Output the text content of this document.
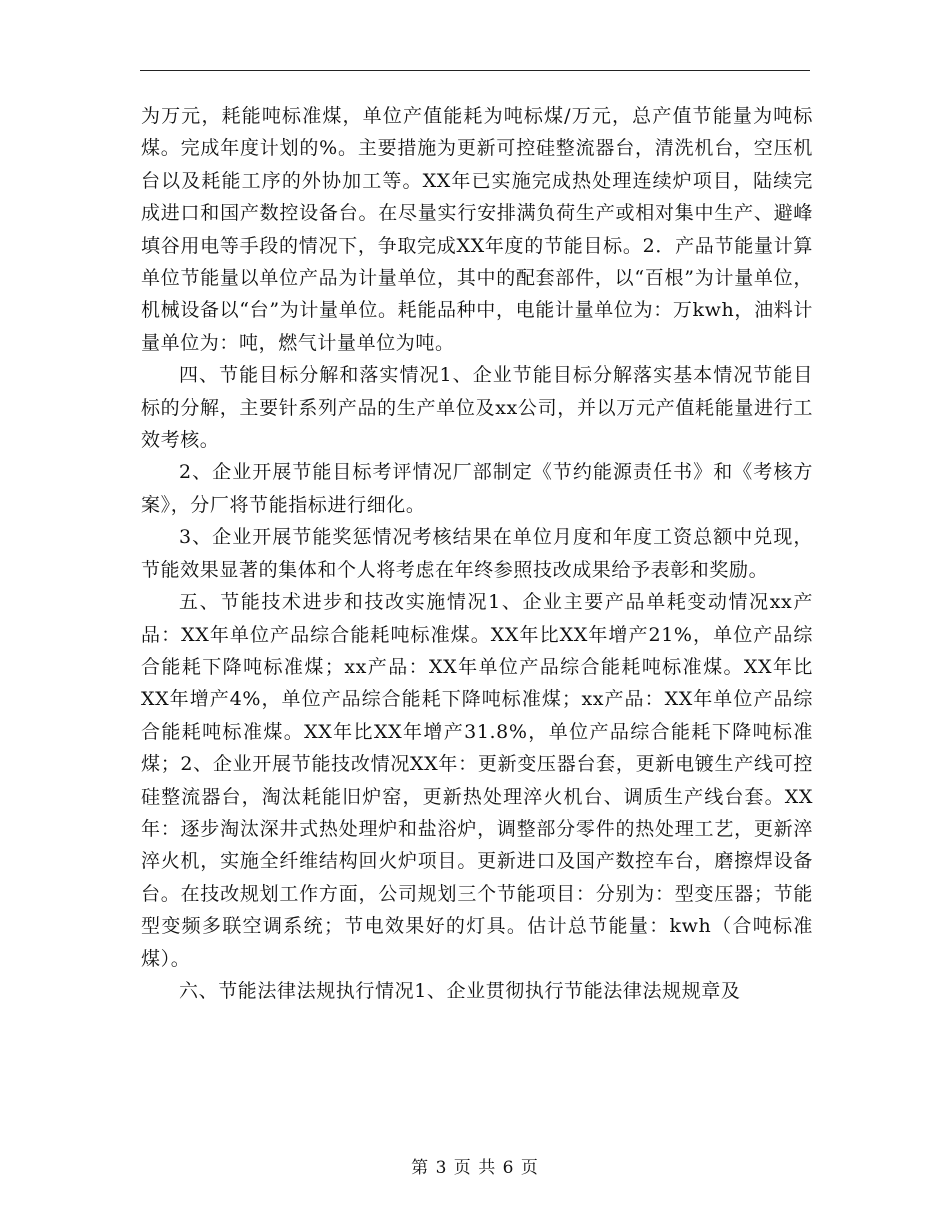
为万元，耗能吨标准煤，单位产值能耗为吨标煤/万元，总产值节能量为吨标煤。完成年度计划的%。主要措施为更新可控硅整流器台，清洗机台，空压机台以及耗能工序的外协加工等。XX年已实施完成热处理连续炉项目，陆续完成进口和国产数控设备台。在尽量实行安排满负荷生产或相对集中生产、避峰填谷用电等手段的情况下，争取完成XX年度的节能目标。2．产品节能量计算单位节能量以单位产品为计量单位，其中的配套部件，以“百根”为计量单位，机械设备以“台”为计量单位。耗能品种中，电能计量单位为：万kwh，油料计量单位为：吨，燃气计量单位为吨。

四、节能目标分解和落实情况1、企业节能目标分解落实基本情况节能目标的分解，主要针系列产品的生产单位及xx公司，并以万元产值耗能量进行工效考核。

2、企业开展节能目标考评情况厂部制定《节约能源责任书》和《考核方案》，分厂将节能指标进行细化。

3、企业开展节能奖惩情况考核结果在单位月度和年度工资总额中兑现，节能效果显著的集体和个人将考虑在年终参照技改成果给予表彰和奖励。

五、节能技术进步和技改实施情况1、企业主要产品单耗变动情况xx产品：XX年单位产品综合能耗吨标准煤。XX年比XX年增产21%，单位产品综合能耗下降吨标准煤；xx产品：XX年单位产品综合能耗吨标准煤。XX年比XX年增产4%，单位产品综合能耗下降吨标准煤；xx产品：XX年单位产品综合能耗吨标准煤。XX年比XX年增产31.8%，单位产品综合能耗下降吨标准煤；2、企业开展节能技改情况XX年：更新变压器台套，更新电镀生产线可控硅整流器台，淘汰耗能旧炉窑，更新热处理淬火机台、调质生产线台套。XX年：逐步淘汰深井式热处理炉和盐浴炉，调整部分零件的热处理工艺，更新淬淬火机，实施全纤维结构回火炉项目。更新进口及国产数控车台，磨擦焊设备台。在技改规划工作方面，公司规划三个节能项目：分别为：型变压器；节能型变频多联空调系统；节电效果好的灯具。估计总节能量：kwh（合吨标准煤）。

六、节能法律法规执行情况1、企业贯彻执行节能法律法规规章及

第 3 页 共 6 页
